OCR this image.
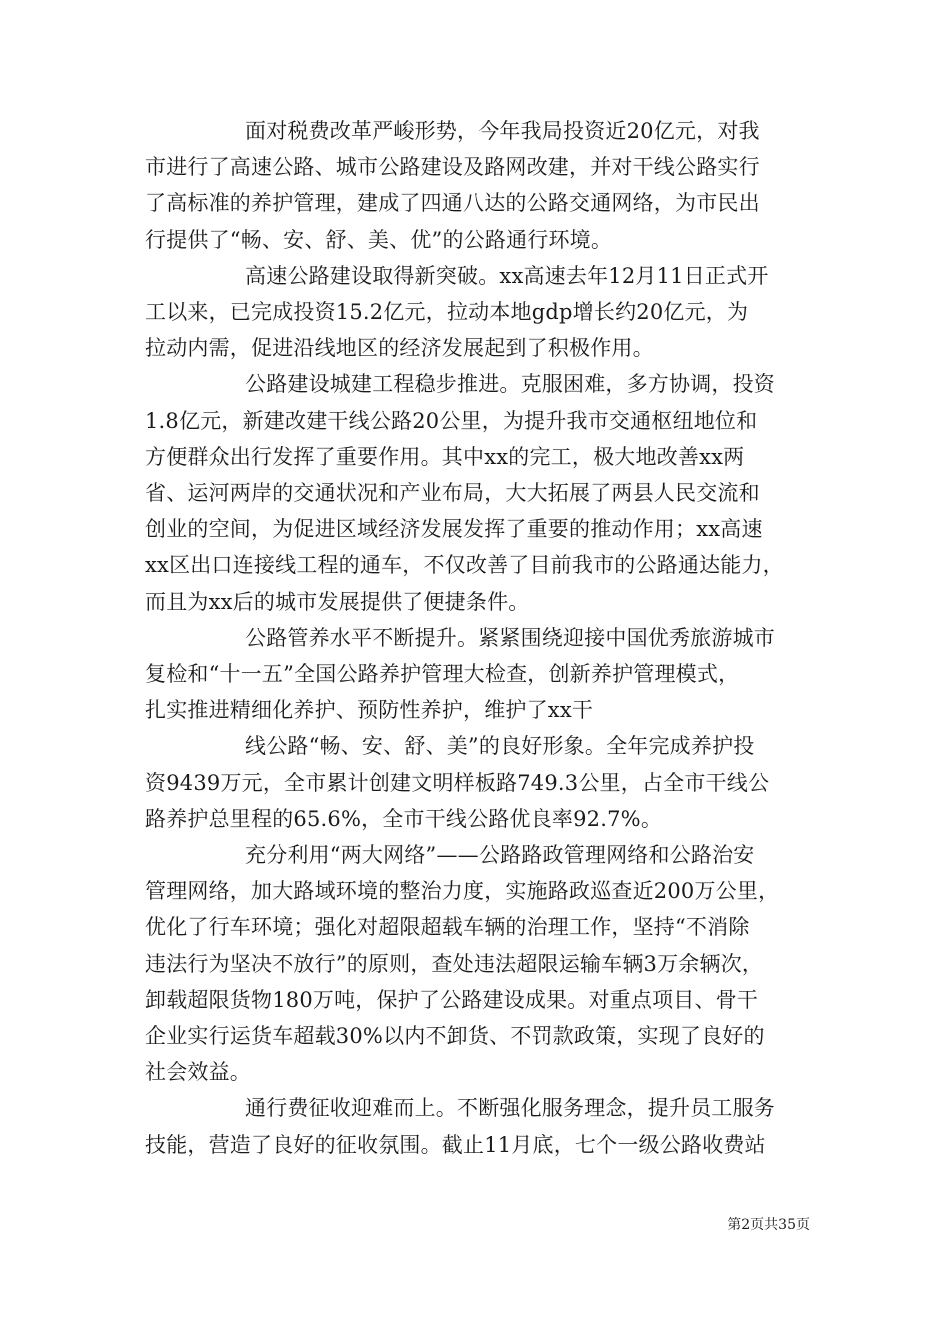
面对税费改革严峻形势，今年我局投资近20亿元，对我
市进行了高速公路、城市公路建设及路网改建，并对干线公路实行
了高标准的养护管理，建成了四通八达的公路交通网络，为市民出
行提供了“畅、安、舒、美、优”的公路通行环境。
高速公路建设取得新突破。xx高速去年12月11日正式开
工以来，已完成投资15.2亿元，拉动本地gdp增长约20亿元，为
拉动内需，促进沿线地区的经济发展起到了积极作用。
公路建设城建工程稳步推进。克服困难，多方协调，投资
1.8亿元，新建改建干线公路20公里，为提升我市交通枢纽地位和
方便群众出行发挥了重要作用。其中xx的完工，极大地改善xx两
省、运河两岸的交通状况和产业布局，大大拓展了两县人民交流和
创业的空间，为促进区域经济发展发挥了重要的推动作用；xx高速
xx区出口连接线工程的通车，不仅改善了目前我市的公路通达能力，
而且为xx后的城市发展提供了便捷条件。
公路管养水平不断提升。紧紧围绕迎接中国优秀旅游城市
复检和“十一五”全国公路养护管理大检查，创新养护管理模式，
扎实推进精细化养护、预防性养护，维护了xx干
线公路“畅、安、舒、美”的良好形象。全年完成养护投
资9439万元，全市累计创建文明样板路749.3公里，占全市干线公
路养护总里程的65.6%，全市干线公路优良率92.7%。
充分利用“两大网络”——公路路政管理网络和公路治安
管理网络，加大路域环境的整治力度，实施路政巡查近200万公里，
优化了行车环境；强化对超限超载车辆的治理工作，坚持“不消除
违法行为坚决不放行”的原则，查处违法超限运输车辆3万余辆次，
卸载超限货物180万吨，保护了公路建设成果。对重点项目、骨干
企业实行运货车超载30%以内不卸货、不罚款政策，实现了良好的
社会效益。
通行费征收迎难而上。不断强化服务理念，提升员工服务
技能，营造了良好的征收氛围。截止11月底，七个一级公路收费站
第2页共35页
